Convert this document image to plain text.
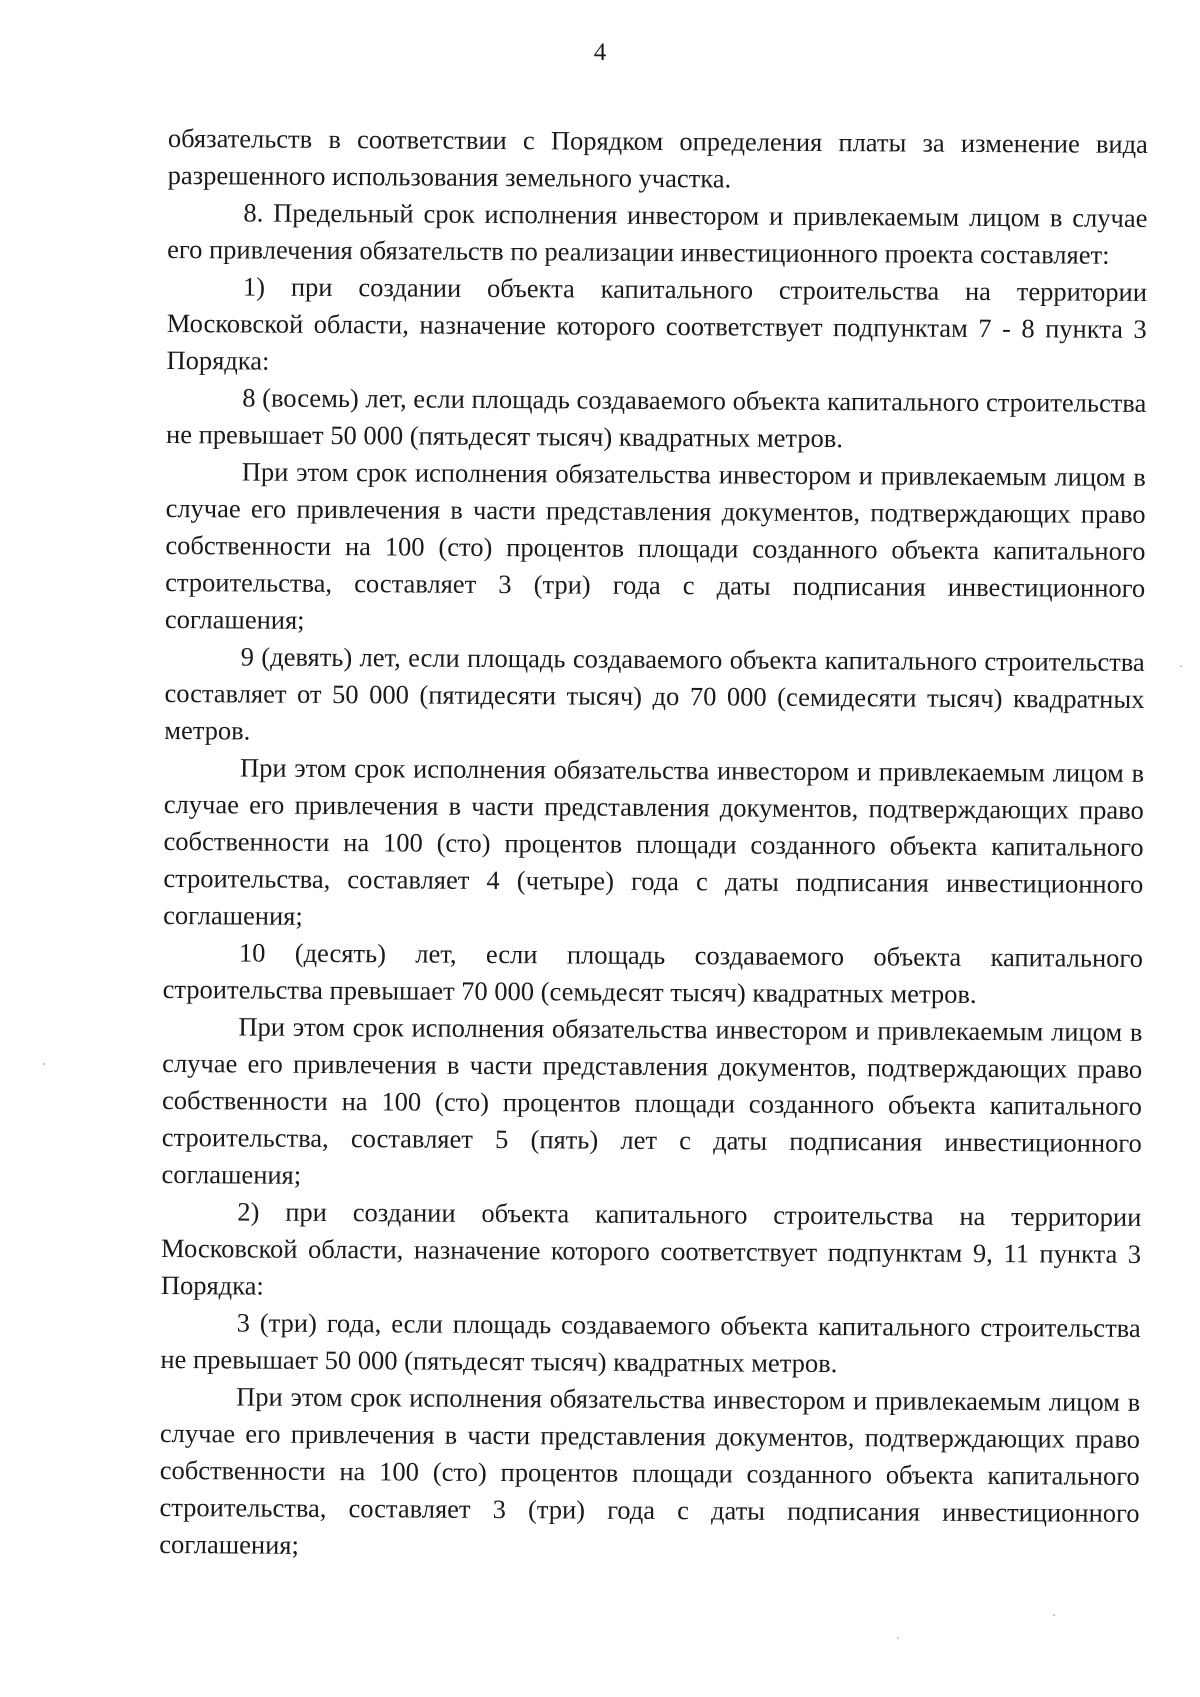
4

обязательств в соответствии с Порядком определения платы за изменение вида разрешенного использования земельного участка.

8. Предельный срок исполнения инвестором и привлекаемым лицом в случае его привлечения обязательств по реализации инвестиционного проекта составляет:

1) при создании объекта капитального строительства на территории Московской области, назначение которого соответствует подпунктам 7 - 8 пункта 3 Порядка:

8 (восемь) лет, если площадь создаваемого объекта капитального строительства не превышает 50 000 (пятьдесят тысяч) квадратных метров.

При этом срок исполнения обязательства инвестором и привлекаемым лицом в случае его привлечения в части представления документов, подтверждающих право собственности на 100 (сто) процентов площади созданного объекта капитального строительства, составляет 3 (три) года с даты подписания инвестиционного соглашения;

9 (девять) лет, если площадь создаваемого объекта капитального строительства составляет от 50 000 (пятидесяти тысяч) до 70 000 (семидесяти тысяч) квадратных метров.

При этом срок исполнения обязательства инвестором и привлекаемым лицом в случае его привлечения в части представления документов, подтверждающих право собственности на 100 (сто) процентов площади созданного объекта капитального строительства, составляет 4 (четыре) года с даты подписания инвестиционного соглашения;

10 (десять) лет, если площадь создаваемого объекта капитального строительства превышает 70 000 (семьдесят тысяч) квадратных метров.

При этом срок исполнения обязательства инвестором и привлекаемым лицом в случае его привлечения в части представления документов, подтверждающих право собственности на 100 (сто) процентов площади созданного объекта капитального строительства, составляет 5 (пять) лет с даты подписания инвестиционного соглашения;

2) при создании объекта капитального строительства на территории Московской области, назначение которого соответствует подпунктам 9, 11 пункта 3 Порядка:

3 (три) года, если площадь создаваемого объекта капитального строительства не превышает 50 000 (пятьдесят тысяч) квадратных метров.

При этом срок исполнения обязательства инвестором и привлекаемым лицом в случае его привлечения в части представления документов, подтверждающих право собственности на 100 (сто) процентов площади созданного объекта капитального строительства, составляет 3 (три) года с даты подписания инвестиционного соглашения;
